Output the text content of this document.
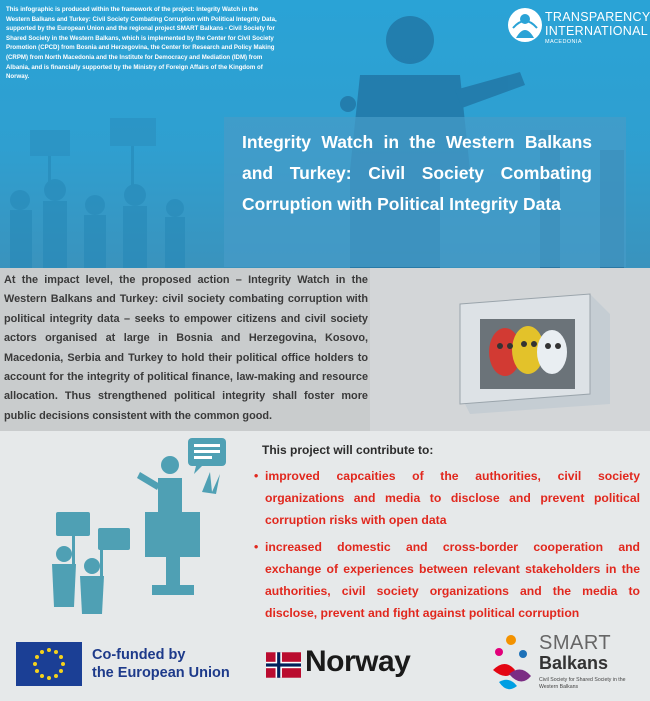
This infographic is produced within the framework of the project: Integrity Watch in the Western Balkans and Turkey: Civil Society Combating Corruption with Political Integrity Data, supported by the European Union and the regional project SMART Balkans - Civil Society for Shared Society in the Western Balkans, which is implemented by the Center for Civil Society Promotion (CPCD) from Bosnia and Herzegovina, the Center for Research and Policy Making (CRPM) from North Macedonia and the Institute for Democracy and Mediation (IDM) from Albania, and is financially supported by the Ministry of Foreign Affairs of the Kingdom of Norway.
TRANSPARENCY
INTERNATIONAL
MACEDONIA
Integrity Watch in the Western Balkans and Turkey: Civil Society Combating Corruption with Political Integrity Data

At the impact level, the proposed action – Integrity Watch in the Western Balkans and Turkey: civil society combating corruption with political integrity data – seeks to empower citizens and civil society actors organised at large in Bosnia and Herzegovina, Kosovo, Macedonia, Serbia and Turkey to hold their political office holders to account for the integrity of political finance, law-making and resource allocation. Thus strengthened political integrity shall foster more public decisions consistent with the common good.

This project will contribute to:
• improved capcaities of the authorities, civil society organizations and media to disclose and prevent political corruption risks with open data
• increased domestic and cross-border cooperation and exchange of experiences between relevant stakeholders in the authorities, civil society organizations and the media to disclose, prevent and fight against political corruption
Co-funded by
the European Union	Norway
SMART
Balkans
Civil Society for Shared Society in the Western Balkans
